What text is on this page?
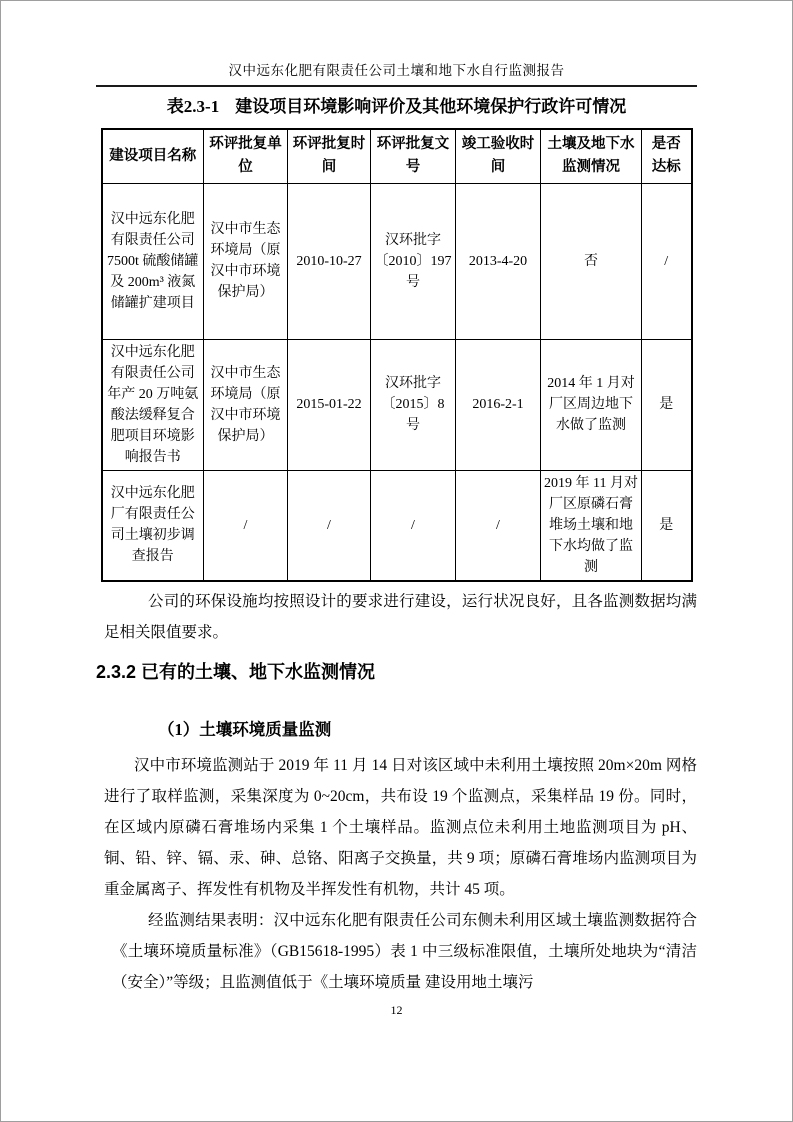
汉中远东化肥有限责任公司土壤和地下水自行监测报告
表2.3-1 建设项目环境影响评价及其他环境保护行政许可情况
建设项目名称	环评批复单位	环评批复时间	环评批复文号	竣工验收时间	土壤及地下水监测情况	是否达标
汉中远东化肥有限责任公司 7500t 硫酸储罐及 200m³ 液氮储罐扩建项目	汉中市生态环境局（原汉中市环境保护局）	2010-10-27	汉环批字〔2010〕197 号	2013-4-20	否	/
汉中远东化肥有限责任公司年产 20 万吨氨酸法缓释复合肥项目环境影响报告书	汉中市生态环境局（原汉中市环境保护局）	2015-01-22	汉环批字〔2015〕8 号	2016-2-1	2014 年 1 月对厂区周边地下水做了监测	是
汉中远东化肥厂有限责任公司土壤初步调查报告	/	/	/	/	2019 年 11 月对厂区原磷石膏堆场土壤和地下水均做了监测	是

公司的环保设施均按照设计的要求进行建设，运行状况良好，且各监测数据均满足相关限值要求。

2.3.2 已有的土壤、地下水监测情况
（1）土壤环境质量监测

汉中市环境监测站于 2019 年 11 月 14 日对该区域中未利用土壤按照 20m×20m 网格进行了取样监测，采集深度为 0~20cm，共布设 19 个监测点，采集样品 19 份。同时，在区域内原磷石膏堆场内采集 1 个土壤样品。监测点位未利用土地监测项目为 pH、铜、铅、锌、镉、汞、砷、总铬、阳离子交换量，共 9 项；原磷石膏堆场内监测项目为重金属离子、挥发性有机物及半挥发性有机物，共计 45 项。

经监测结果表明：汉中远东化肥有限责任公司东侧未利用区域土壤监测数据符合《土壤环境质量标准》（GB15618-1995）表 1 中三级标准限值，土壤所处地块为“清洁（安全）”等级；且监测值低于《土壤环境质量 建设用地土壤污

12
